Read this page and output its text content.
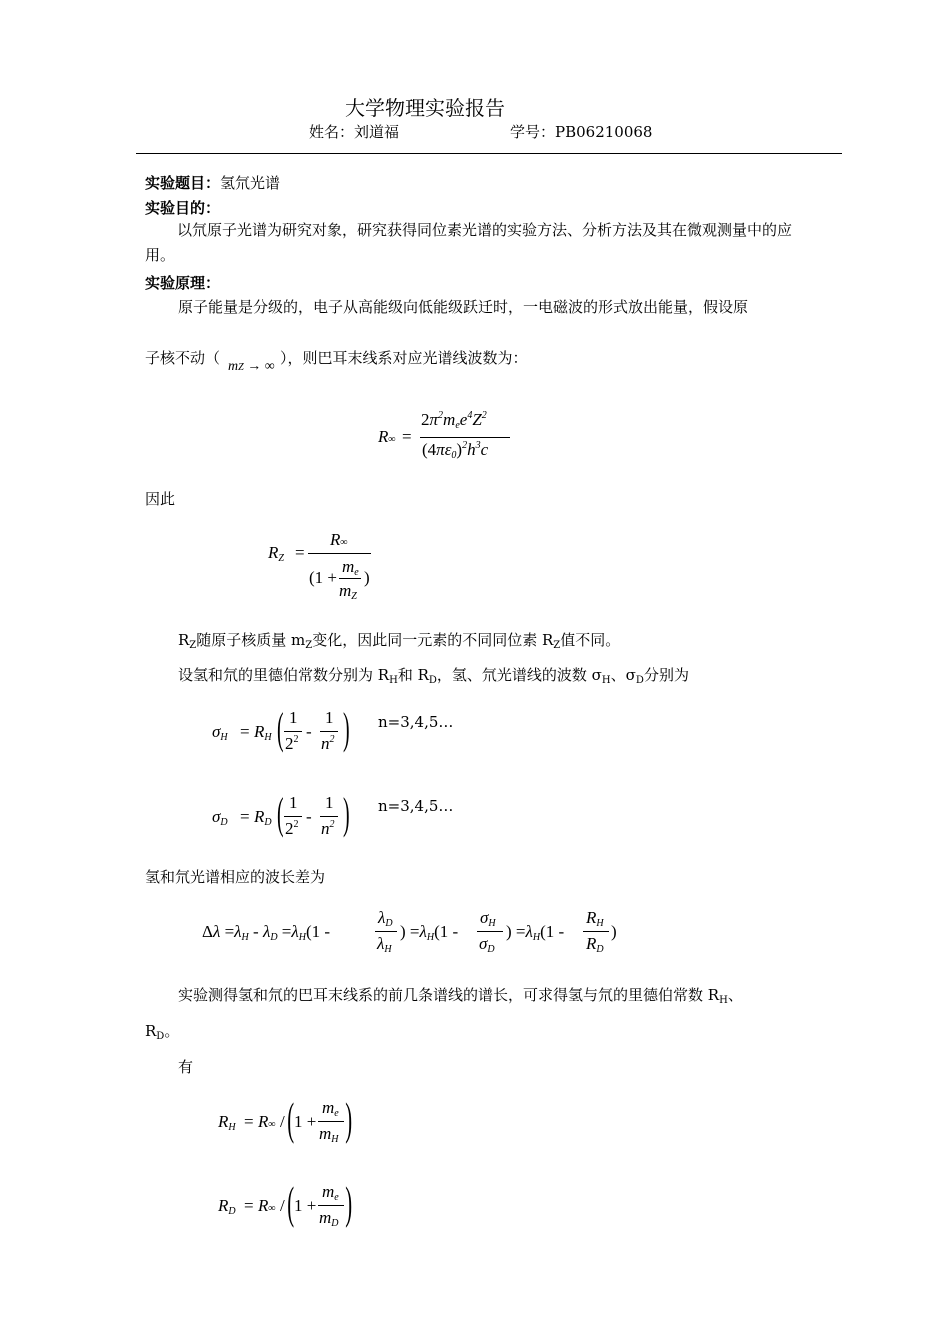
大学物理实验报告
姓名：刘道福	学号：PB06210068
实验题目：氢氘光谱
实验目的：
以氘原子光谱为研究对象，研究获得同位素光谱的实验方法、分析方法及其在微观测量中的应用。
实验原理：
原子能量是分级的，电子从高能级向低能级跃迁时，一电磁波的形式放出能量，假设原
子核不动（	），则巴耳末线系对应光谱线波数为：
mZ → ∞
R∞ =
$2\pi^2m_ee^4Z^2$
$(4\pi\varepsilon_0)^2h^3c$
因此
$R_Z$ =
R∞
(1 +
$m_e$
$m_Z$
)
$R_Z$随原子核质量 $m_Z$变化，因此同一元素的不同同位素 $R_Z$值不同。
设氢和氘的里德伯常数分别为 $R_H$和 $R_D$，氢、氘光谱线的波数 $\sigma_H$、$\sigma_D$分别为
$\sigma_H = R_H$ ( 1
$2^2$ -
1
$n^2$ ) n=3,4,5…
$\sigma_D = R_D$ ( 1
$2^2$ -
1
$n^2$ ) n=3,4,5…
氢和氘光谱相应的波长差为
$\Delta\lambda =\lambda_H - \lambda_D =\lambda_H(1$ -
$\lambda_D$
$\lambda_H$
) $=\lambda_H(1$ -
$\sigma_H$
$\sigma_D$
) $=\lambda_H(1$ -
$R_H$
$R_D$
)
实验测得氢和氘的巴耳末线系的前几条谱线的谱长，可求得氢与氘的里德伯常数 $R_H$、
$R_D$。
有
$R_H = R\infty$ / ( 1 +
$m_e$
$m_H$ )
$R_D = R\infty$ / ( 1 +
$m_e$
$m_D$ )
